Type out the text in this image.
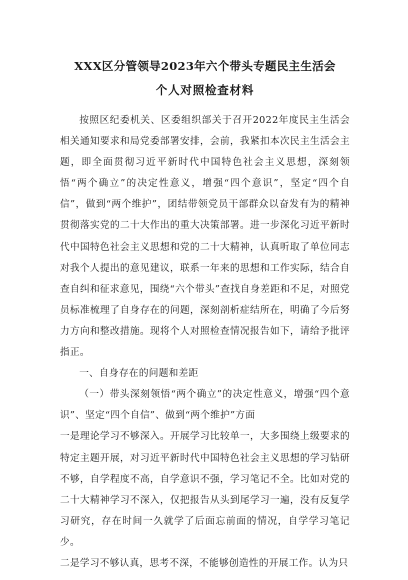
XXX区分管领导2023年六个带头专题民主生活会
个人对照检查材料

按照区纪委机关、区委组织部关于召开2022年度民主生活会相关通知要求和局党委部署安排，会前，我紧扣本次民主生活会主题，即全面贯彻习近平新时代中国特色社会主义思想，深刻领悟“两个确立”的决定性意义，增强“四个意识”，坚定“四个自信”，做到“两个维护”，团结带领党员干部群众以奋发有为的精神贯彻落实党的二十大作出的重大决策部署。进一步深化习近平新时代中国特色社会主义思想和党的二十大精神，认真听取了单位同志对我个人提出的意见建议，联系一年来的思想和工作实际，结合自查自纠和征求意见，围绕“六个带头”查找自身差距和不足，对照党员标准梳理了自身存在的问题，深刻剖析症结所在，明确了今后努力方向和整改措施。现将个人对照检查情况报告如下，请给予批评指正。

一、自身存在的问题和差距

（一）带头深刻领悟“两个确立”的决定性意义，增强“四个意识”、坚定“四个自信”、做到“两个维护”方面

一是理论学习不够深入。开展学习比较单一，大多围绕上级要求的特定主题开展，对习近平新时代中国特色社会主义思想的学习钻研不够，自学程度不高，自学意识不强，学习笔记不全。比如对党的二十大精神学习不深入，仅把报告从头到尾学习一遍，没有反复学习研究，存在时间一久就学了后面忘前面的情况，自学学习笔记少。

二是学习不够认真，思考不深，不能够创造性的开展工作。认为只
